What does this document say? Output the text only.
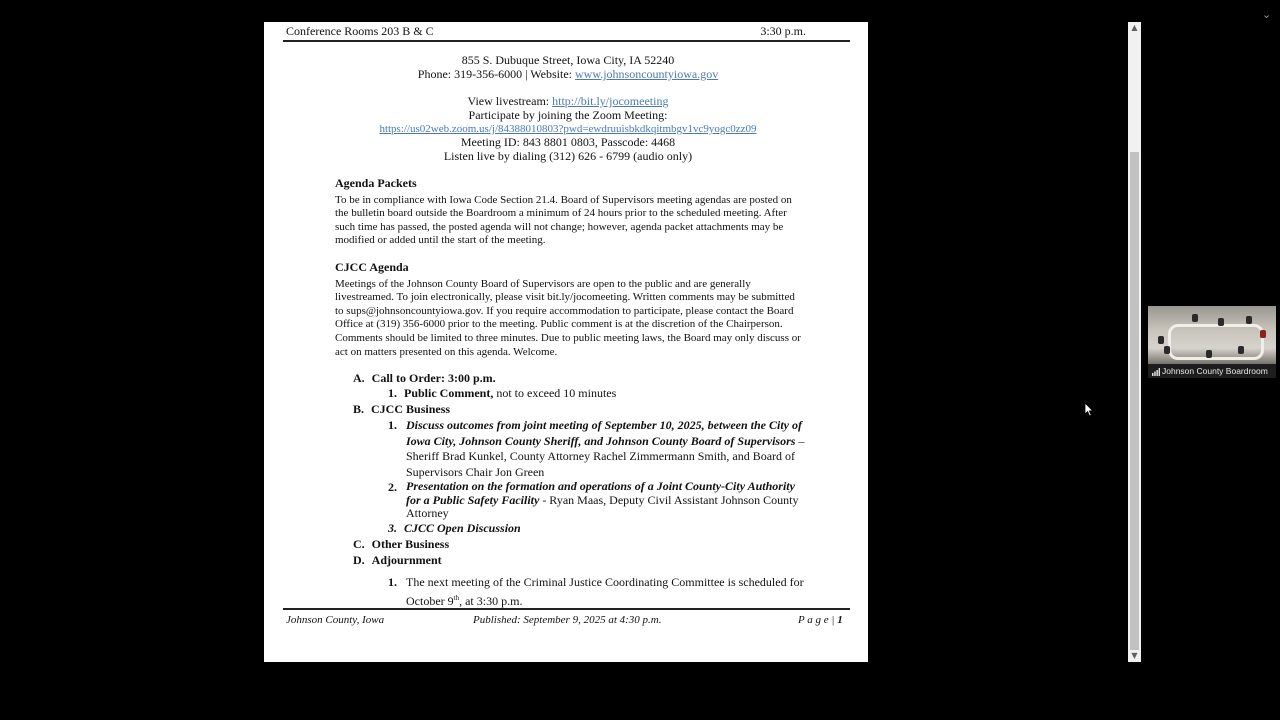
⌄
Conference Rooms 203 B & C	3:30 p.m.
855 S. Dubuque Street, Iowa City, IA 52240
Phone: 319-356-6000 | Website: www.johnsoncountyiowa.gov
View livestream: http://bit.ly/jocomeeting
Participate by joining the Zoom Meeting:
https://us02web.zoom.us/j/84388010803?pwd=ewdruuisbkdkqitmbgv1vc9yogc0zz09
Meeting ID: 843 8801 0803, Passcode: 4468
Listen live by dialing (312) 626 - 6799 (audio only)
Agenda Packets
To be in compliance with Iowa Code Section 21.4. Board of Supervisors meeting agendas are posted on the bulletin board outside the Boardroom a minimum of 24 hours prior to the scheduled meeting. After such time has passed, the posted agenda will not change; however, agenda packet attachments may be modified or added until the start of the meeting.
CJCC Agenda
Meetings of the Johnson County Board of Supervisors are open to the public and are generally livestreamed. To join electronically, please visit bit.ly/jocomeeting. Written comments may be submitted to sups@johnsoncountyiowa.gov. If you require accommodation to participate, please contact the Board Office at (319) 356-6000 prior to the meeting. Public comment is at the discretion of the Chairperson. Comments should be limited to three minutes. Due to public meeting laws, the Board may only discuss or act on matters presented on this agenda. Welcome.
A. Call to Order: 3:00 p.m.
1. Public Comment, not to exceed 10 minutes
B. CJCC Business
1. Discuss outcomes from joint meeting of September 10, 2025, between the City of Iowa City, Johnson County Sheriff, and Johnson County Board of Supervisors – Sheriff Brad Kunkel, County Attorney Rachel Zimmermann Smith, and Board of Supervisors Chair Jon Green
2. Presentation on the formation and operations of a Joint County-City Authority for a Public Safety Facility - Ryan Maas, Deputy Civil Assistant Johnson County Attorney
3. CJCC Open Discussion
C. Other Business
D. Adjournment
1. The next meeting of the Criminal Justice Coordinating Committee is scheduled for October 9th, at 3:30 p.m.
Johnson County, Iowa	Published: September 9, 2025 at 4:30 p.m.	P a g e | 1
▲
▼
Johnson County Boardroom
